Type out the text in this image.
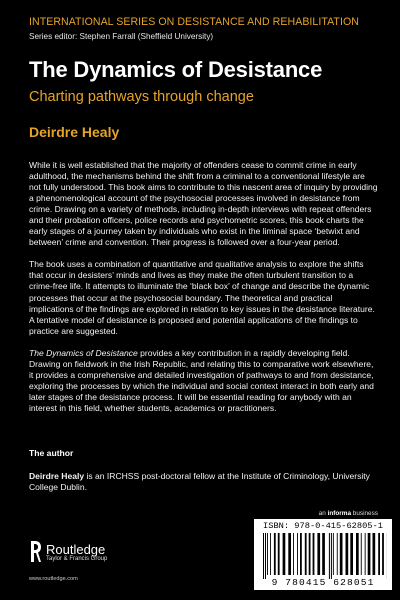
INTERNATIONAL SERIES ON DESISTANCE AND REHABILITATION
Series editor: Stephen Farrall (Sheffield University)
The Dynamics of Desistance
Charting pathways through change
Deirdre Healy

While it is well established that the majority of offenders cease to commit crime in early adulthood, the mechanisms behind the shift from a criminal to a conventional lifestyle are not fully understood. This book aims to contribute to this nascent area of inquiry by providing a phenomenological account of the psychosocial processes involved in desistance from crime. Drawing on a variety of methods, including in-depth interviews with repeat offenders and their probation officers, police records and psychometric scores, this book charts the early stages of a journey taken by individuals who exist in the liminal space ‘betwixt and between’ crime and convention. Their progress is followed over a four-year period.

The book uses a combination of quantitative and qualitative analysis to explore the shifts that occur in desisters’ minds and lives as they make the often turbulent transition to a crime-free life. It attempts to illuminate the ‘black box’ of change and describe the dynamic processes that occur at the psychosocial boundary. The theoretical and practical implications of the findings are explored in relation to key issues in the desistance literature. A tentative model of desistance is proposed and potential applications of the findings to practice are suggested.

The Dynamics of Desistance provides a key contribution in a rapidly developing field. Drawing on fieldwork in the Irish Republic, and relating this to comparative work elsewhere, it provides a comprehensive and detailed investigation of pathways to and from desistance, exploring the processes by which the individual and social context interact in both early and later stages of the desistance process. It will be essential reading for anybody with an interest in this field, whether students, academics or practitioners.

The author
Deirdre Healy is an IRCHSS post-doctoral fellow at the Institute of Criminology, University College Dublin.
an informa business
ISBN: 978-0-415-62805-1
9 780415 628051
Routledge
Taylor & Francis Group
www.routledge.com
